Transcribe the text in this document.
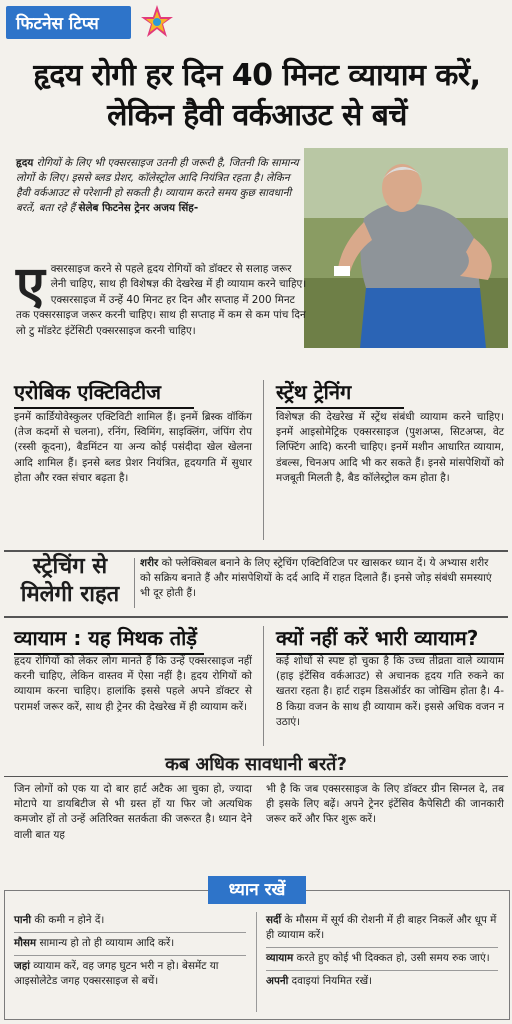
फिटनेस टिप्स
हृदय रोगी हर दिन 40 मिनट व्यायाम करें, लेकिन हैवी वर्कआउट से बचें
हृदय रोगियों के लिए भी एक्सरसाइज उतनी ही जरूरी है, जितनी कि सामान्य लोगों के लिए। इससे ब्लड प्रेशर, कॉलेस्ट्रोल आदि नियंत्रित रहता है। लेकिन हैवी वर्कआउट से परेशानी हो सकती है। व्यायाम करते समय कुछ सावधानी बरतें, बता रहे हैं सेलेब फिटनेस ट्रेनर अजय सिंह-
एक्सरसाइज करने से पहले हृदय रोगियों को डॉक्टर से सलाह जरूर लेनी चाहिए, साथ ही विशेषज्ञ की देखरेख में ही व्यायाम करने चाहिए। एक्सरसाइज में उन्हें 40 मिनट हर दिन और सप्ताह में 200 मिनट तक एक्सरसाइज जरूर करनी चाहिए। साथ ही सप्ताह में कम से कम पांच दिन लो टु मॉडरेट इंटेंसिटी एक्सरसाइज करनी चाहिए।
एरोबिक एक्टिविटीज
इनमें कार्डियोवेस्कुलर एक्टिविटी शामिल हैं। इनमें ब्रिस्क वॉकिंग (तेज कदमों से चलना), रनिंग, स्विमिंग, साइक्लिंग, जंपिंग रोप (रस्सी कूदना), बैडमिंटन या अन्य कोई पसंदीदा खेल खेलना आदि शामिल हैं। इनसे ब्लड प्रेशर नियंत्रित, हृदयगति में सुधार होता और रक्त संचार बढ़ता है।
स्ट्रेंथ ट्रेनिंग
विशेषज्ञ की देखरेख में स्ट्रेंथ संबंधी व्यायाम करने चाहिए। इनमें आइसोमेट्रिक एक्सरसाइज (पुशअप्स, सिटअप्स, वेट लिफ्टिंग आदि) करनी चाहिए। इनमें मशीन आधारित व्यायाम, डंबल्स, चिनअप आदि भी कर सकते हैं। इनसे मांसपेशियों को मजबूती मिलती है, बैड कॉलेस्ट्रोल कम होता है।
स्ट्रेचिंग से मिलेगी राहत
शरीर को फ्लेक्सिबल बनाने के लिए स्ट्रेचिंग एक्टिविटिज पर खासकर ध्यान दें। ये अभ्यास शरीर को सक्रिय बनाते हैं और मांसपेशियों के दर्द आदि में राहत दिलाते हैं। इनसे जोड़ संबंधी समस्याएं भी दूर होती हैं।
व्यायाम : यह मिथक तोड़ें
हृदय रोगियों को लेकर लोग मानते हैं कि उन्हें एक्सरसाइज नहीं करनी चाहिए, लेकिन वास्तव में ऐसा नहीं है। हृदय रोगियों को व्यायाम करना चाहिए। हालांकि इससे पहले अपने डॉक्टर से परामर्श जरूर करें, साथ ही ट्रेनर की देखरेख में ही व्यायाम करें।
क्यों नहीं करें भारी व्यायाम?
कई शोधों से स्पष्ट हो चुका है कि उच्च तीव्रता वाले व्यायाम (हाइ इंटेंसिव वर्कआउट) से अचानक हृदय गति रुकने का खतरा रहता है। हार्ट राइम डिसऑर्डर का जोखिम होता है। 4-8 किग्रा वजन के साथ ही व्यायाम करें। इससे अधिक वजन न उठाएं।
कब अधिक सावधानी बरतें?
जिन लोगों को एक या दो बार हार्ट अटैक आ चुका हो, ज्यादा मोटापे या डायबिटीज से भी ग्रस्त हों या फिर जो अत्यधिक कमजोर हों तो उन्हें अतिरिक्त सतर्कता की जरूरत है। ध्यान देने वाली बात यह
भी है कि जब एक्सरसाइज के लिए डॉक्टर ग्रीन सिग्नल दे, तब ही इसके लिए बढ़ें। अपने ट्रेनर इंटेंसिव कैपेसिटी की जानकारी जरूर करें और फिर शुरू करें।
ध्यान रखें
पानी की कमी न होने दें।
मौसम सामान्य हो तो ही व्यायाम आदि करें।
जहां व्यायाम करें, वह जगह घुटन भरी न हो। बेसमेंट या आइसोलेटेड जगह एक्सरसाइज से बचें।
सर्दी के मौसम में सूर्य की रोशनी में ही बाहर निकलें और धूप में ही व्यायाम करें।
व्यायाम करते हुए कोई भी दिक्कत हो, उसी समय रुक जाएं।
अपनी दवाइयां नियमित रखें।
